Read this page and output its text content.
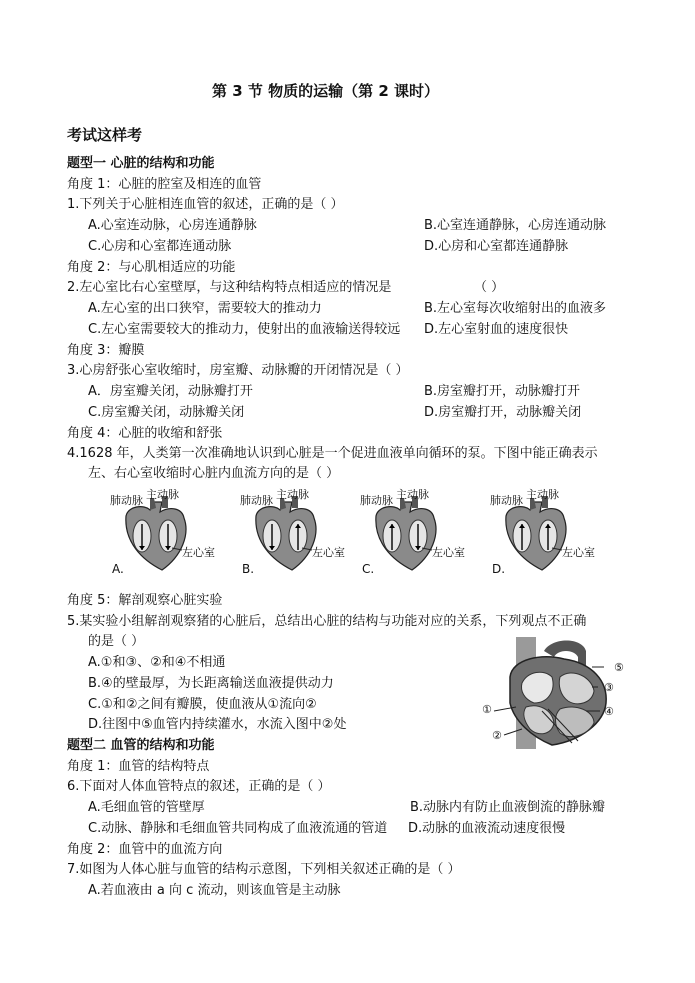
第 3 节 物质的运输（第 2 课时）
考试这样考
题型一 心脏的结构和功能
角度 1：心脏的腔室及相连的血管
1.下列关于心脏相连血管的叙述，正确的是（ ）
A.心室连动脉，心房连通静脉	B.心室连通静脉，心房连通动脉
C.心房和心室都连通动脉	D.心房和心室都连通静脉
角度 2：与心肌相适应的功能
2.左心室比右心室壁厚，与这种结构特点相适应的情况是	（ ）
A.左心室的出口狭窄，需要较大的推动力	B.左心室每次收缩射出的血液多
C.左心室需要较大的推动力，使射出的血液输送得较远 D.左心室射血的速度很快
角度 3：瓣膜
3.心房舒张心室收缩时，房室瓣、动脉瓣的开闭情况是（ ）
A．房室瓣关闭，动脉瓣打开	B.房室瓣打开，动脉瓣打开
C.房室瓣关闭，动脉瓣关闭	D.房室瓣打开，动脉瓣关闭
角度 4：心脏的收缩和舒张
4.1628 年，人类第一次准确地认识到心脏是一个促进血液单向循环的泵。下图中能正确表示
左、右心室收缩时心脏内血流方向的是（ ）
肺动脉 主动脉
左心室
A.
肺动脉 主动脉
左心室
B.
肺动脉 主动脉
左心室
C.
肺动脉 主动脉
左心室
D.
角度 5：解剖观察心脏实验
5.某实验小组解剖观察猪的心脏后，总结出心脏的结构与功能对应的关系，下列观点不正确
的是（ ）
A.①和③、②和④不相通
B.④的壁最厚，为长距离输送血液提供动力
C.①和②之间有瓣膜，使血液从①流向②
D.往图中⑤血管内持续灌水，水流入图中②处
⑤
③
④
①
②
题型二 血管的结构和功能
角度 1：血管的结构特点
6.下面对人体血管特点的叙述，正确的是（ ）
A.毛细血管的管壁厚	B.动脉内有防止血液倒流的静脉瓣
C.动脉、静脉和毛细血管共同构成了血液流通的管道 D.动脉的血液流动速度很慢
角度 2：血管中的血流方向
7.如图为人体心脏与血管的结构示意图，下列相关叙述正确的是（ ）
A.若血液由 a 向 c 流动，则该血管是主动脉
